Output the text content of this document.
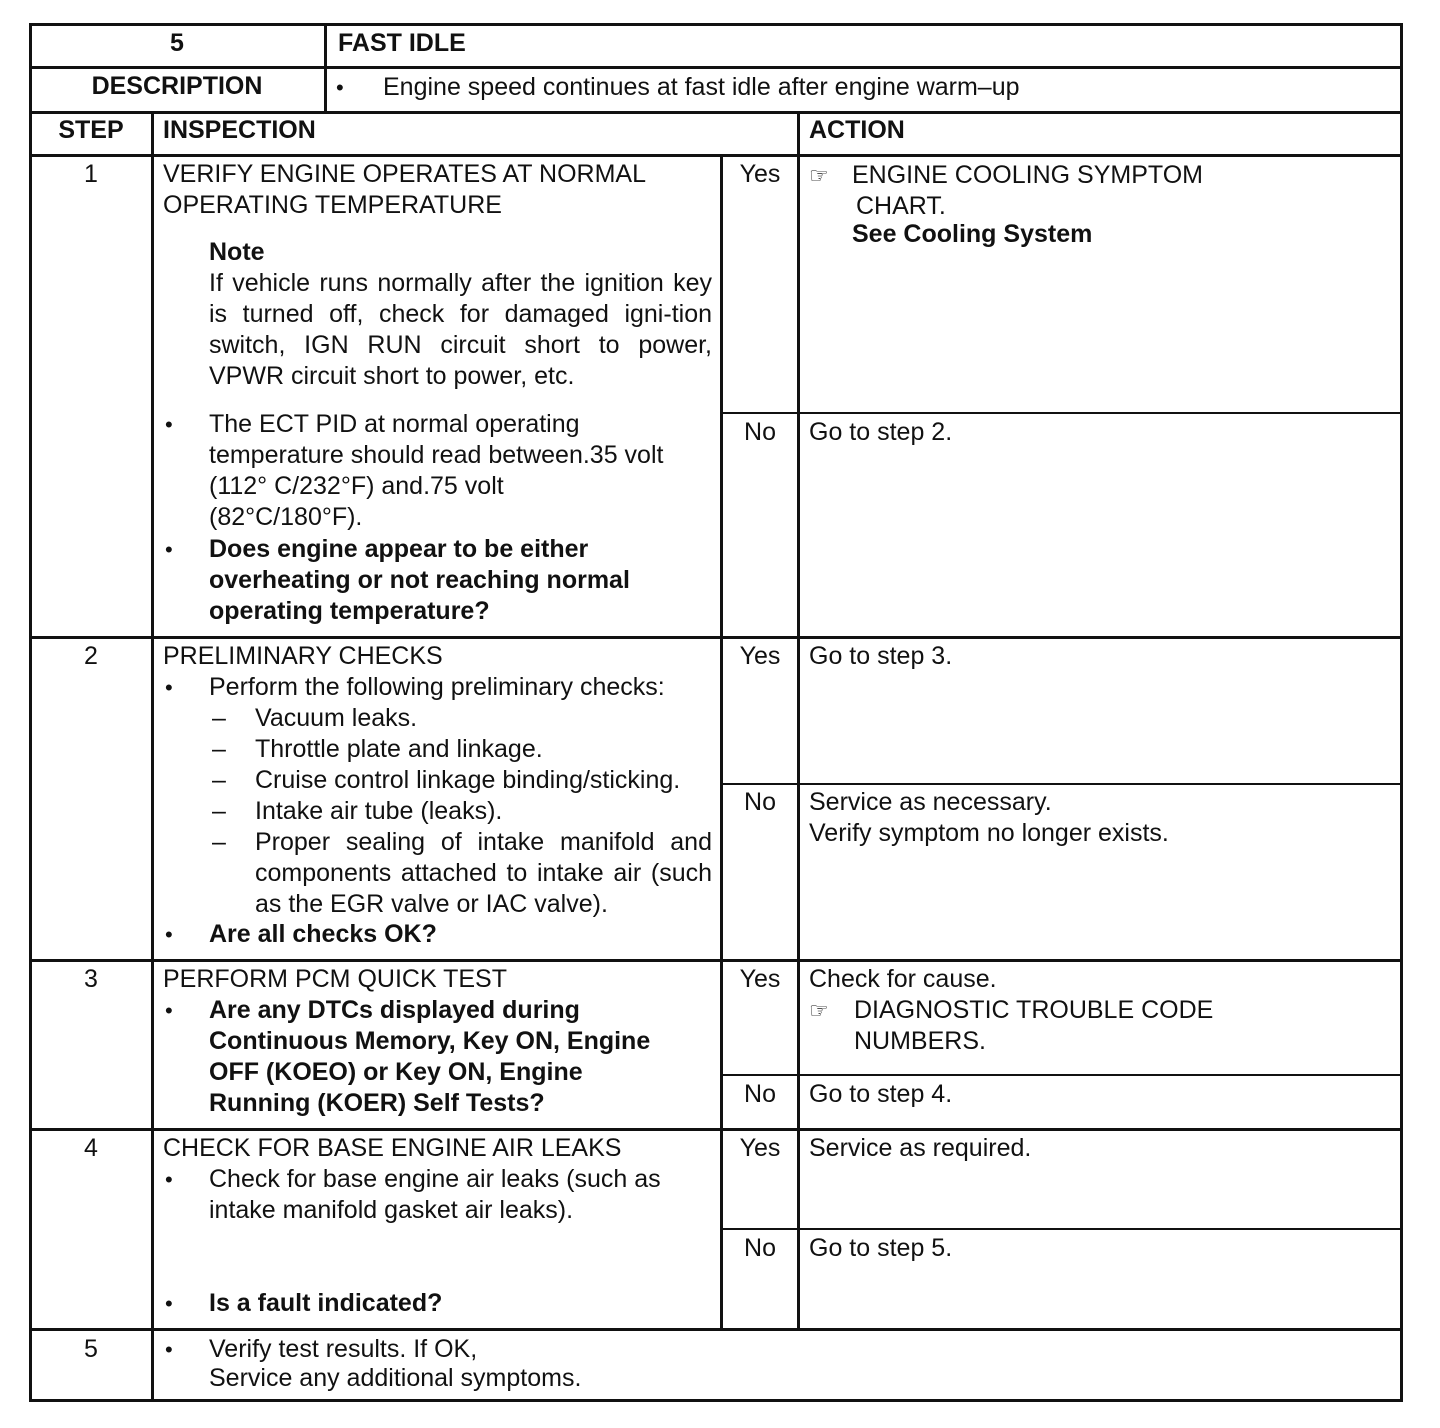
5	FAST IDLE
DESCRIPTION	• Engine speed continues at fast idle after engine warm–up
STEP	INSPECTION	ACTION
1	VERIFY ENGINE OPERATES AT NORMAL
OPERATING TEMPERATURE
Note
If vehicle runs normally after the ignition key is turned off, check for damaged igni-tion switch, IGN RUN circuit short to power, VPWR circuit short to power, etc.
• The ECT PID at normal operating
temperature should read between.35 volt
(112° C/232°F) and.75 volt
(82°C/180°F).
• Does engine appear to be either
overheating or not reaching normal
operating temperature?
Yes	☞ ENGINE COOLING SYMPTOM
CHART.
See Cooling System
No	Go to step 2.
2	PRELIMINARY CHECKS
• Perform the following preliminary checks:
– Vacuum leaks.
– Throttle plate and linkage.
– Cruise control linkage binding/sticking.
– Intake air tube (leaks).
– Proper sealing of intake manifold and components attached to intake air (such as the EGR valve or IAC valve).
• Are all checks OK?
Yes	Go to step 3.
No	Service as necessary.
Verify symptom no longer exists.
3	PERFORM PCM QUICK TEST
• Are any DTCs displayed during
Continuous Memory, Key ON, Engine
OFF (KOEO) or Key ON, Engine
Running (KOER) Self Tests?
Yes	Check for cause.
☞ DIAGNOSTIC TROUBLE CODE
NUMBERS.
No	Go to step 4.
4	CHECK FOR BASE ENGINE AIR LEAKS
• Check for base engine air leaks (such as
intake manifold gasket air leaks).
• Is a fault indicated?
Yes	Service as required.
No	Go to step 5.
5	• Verify test results. If OK,
Service any additional symptoms.
